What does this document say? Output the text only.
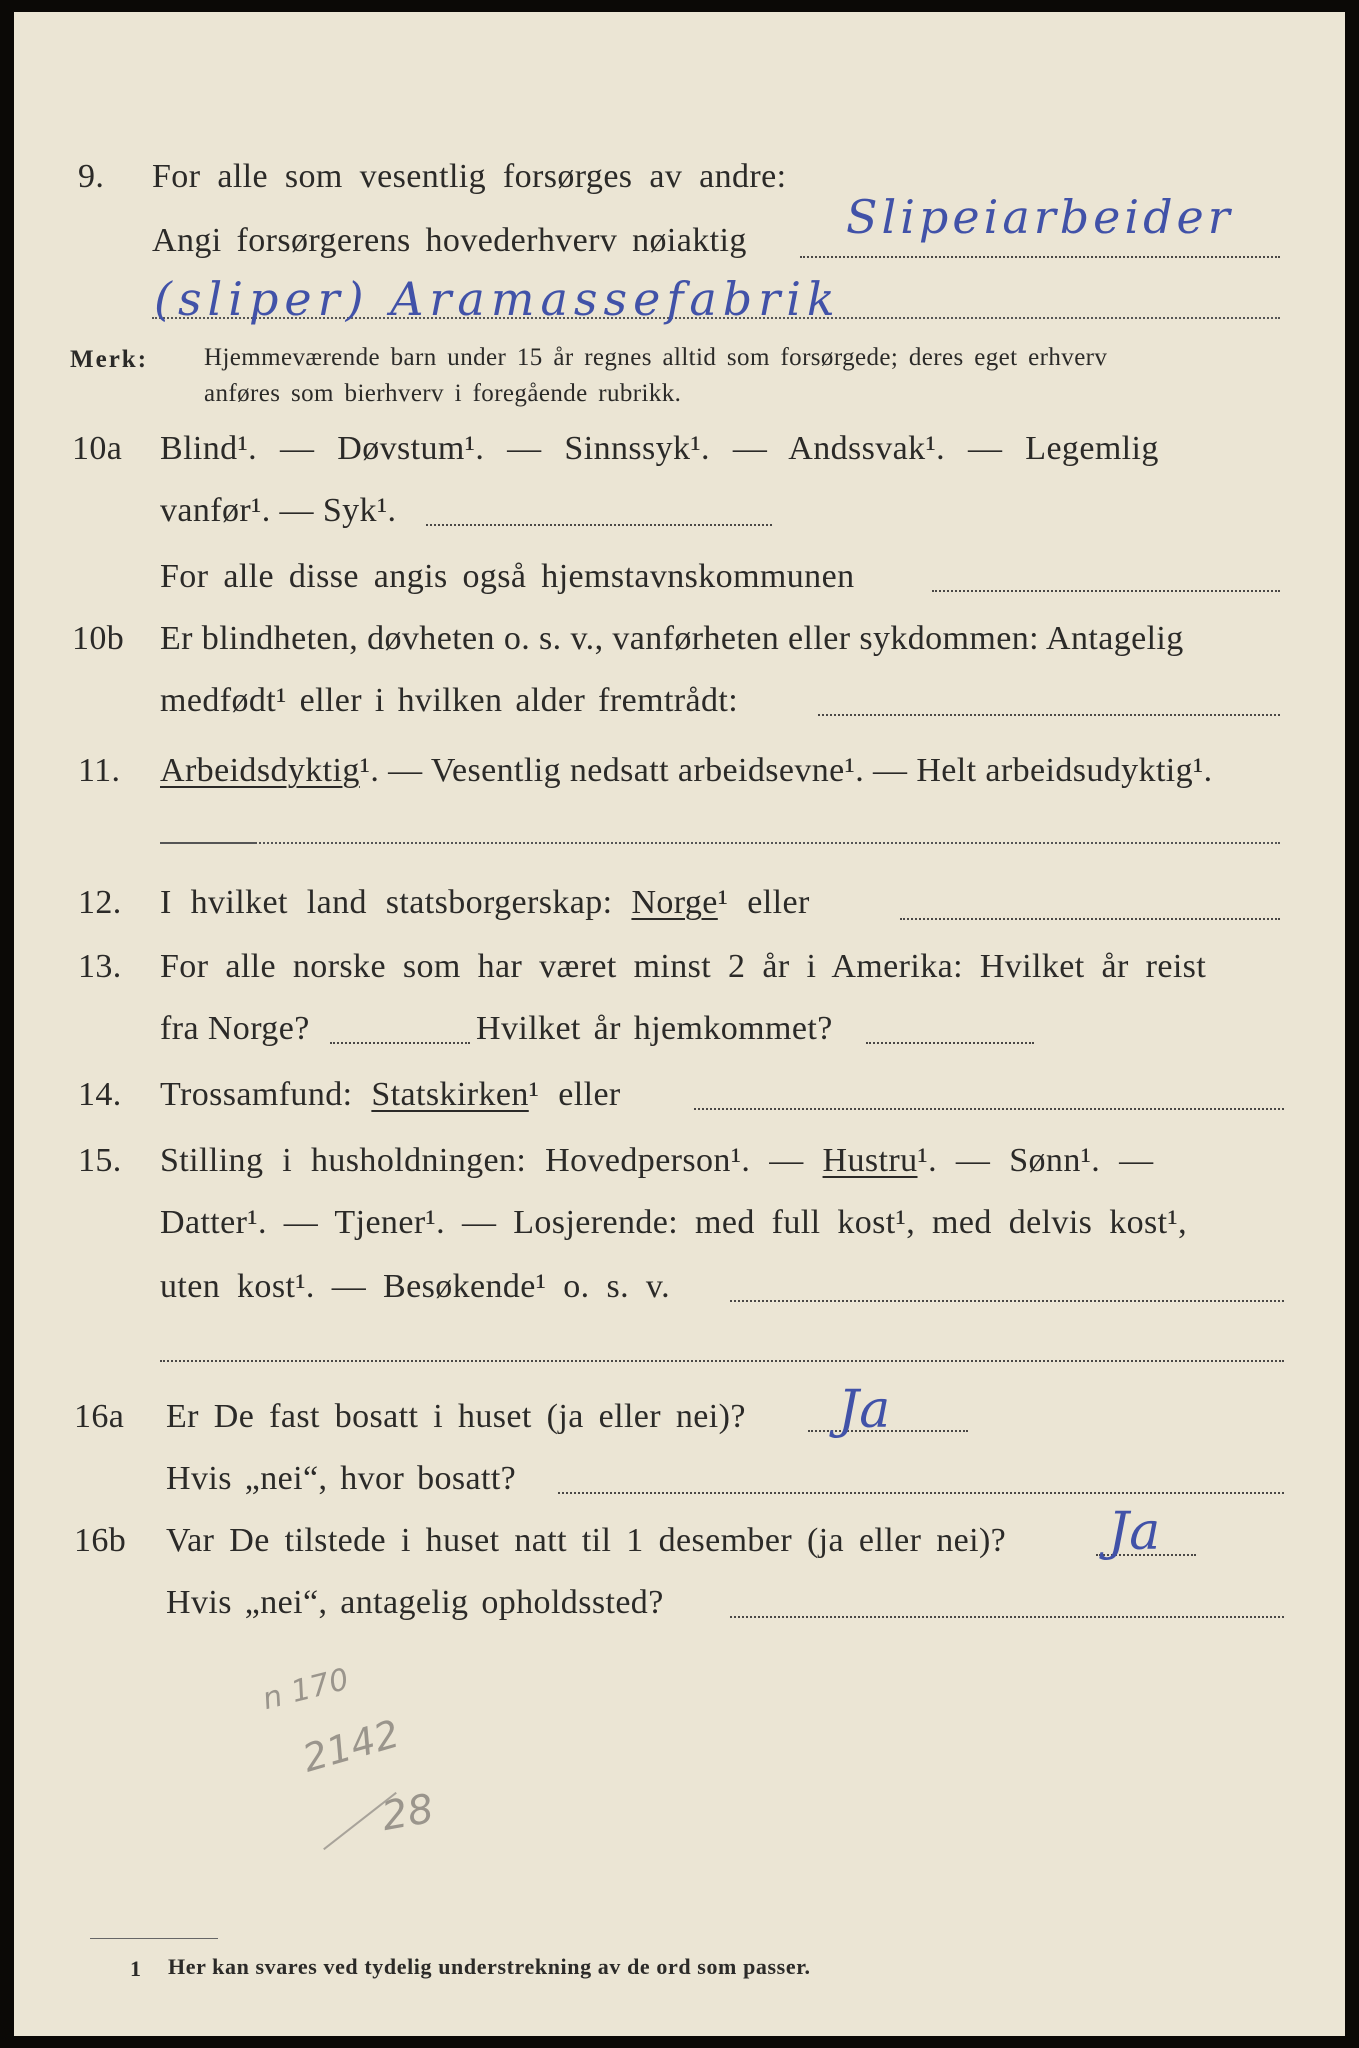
9. For alle som vesentlig forsørges av andre:
Angi forsørgerens hovederhverv nøiaktig Slipeiarbeider
(sliper) Aramassefabrik
Merk: Hjemmeværende barn under 15 år regnes alltid som forsørgede; deres eget erhverv
anføres som bierhverv i foregående rubrikk.
10a Blind¹. — Døvstum¹. — Sinnssyk¹. — Andssvak¹. — Legemlig
vanfør¹. — Syk¹.
For alle disse angis også hjemstavnskommunen
10b Er blindheten, døvheten o. s. v., vanførheten eller sykdommen: Antagelig
medfødt¹ eller i hvilken alder fremtrådt:
11. Arbeidsdyktig¹. — Vesentlig nedsatt arbeidsevne¹. — Helt arbeidsudyktig¹.
12. I hvilket land statsborgerskap: Norge¹ eller
13. For alle norske som har været minst 2 år i Amerika: Hvilket år reist
fra Norge?	Hvilket år hjemkommet?
14. Trossamfund: Statskirken¹ eller
15. Stilling i husholdningen: Hovedperson¹. — Hustru¹. — Sønn¹. —
Datter¹. — Tjener¹. — Losjerende: med full kost¹, med delvis kost¹,
uten kost¹. — Besøkende¹ o. s. v.
16a Er De fast bosatt i huset (ja eller nei)? Ja
Hvis „nei“, hvor bosatt?
16b Var De tilstede i huset natt til 1 desember (ja eller nei)? Ja
Hvis „nei“, antagelig opholdssted?
n 170
2142
28
1 Her kan svares ved tydelig understrekning av de ord som passer.
